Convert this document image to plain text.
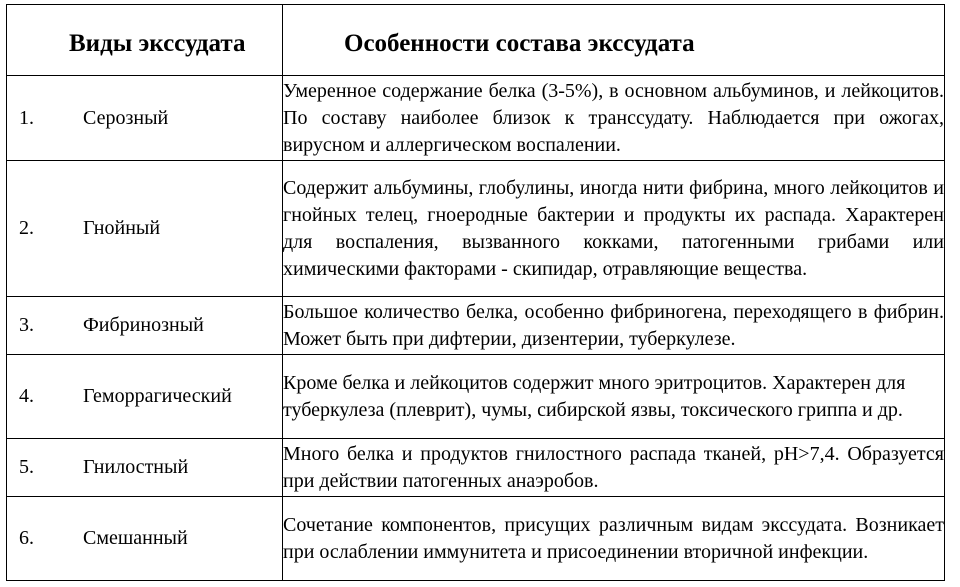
Виды экссудата	Особенности состава экссудата

1. Серозный	Умеренное содержание белка (3-5%), в основном альбуминов, и лейкоцитов. По составу наиболее близок к транссудату. Наблюдается при ожогах, вирусном и аллергическом воспалении.

2. Гнойный	Содержит альбумины, глобулины, иногда нити фибрина, много лейкоцитов и гнойных телец, гноеродные бактерии и продукты их распада. Характерен для воспаления, вызванного кокками, патогенными грибами или химическими факторами - скипидар, отравляющие вещества.

3. Фибринозный	Большое количество белка, особенно фибриногена, переходящего в фибрин. Может быть при дифтерии, дизентерии, туберкулезе.

4. Геморрагический	Кроме белка и лейкоцитов содержит много эритроцитов. Характерен для туберкулеза (плеврит), чумы, сибирской язвы, токсического гриппа и др.

5. Гнилостный	Много белка и продуктов гнилостного распада тканей, pH>7,4. Образуется при действии патогенных анаэробов.

6. Смешанный	Сочетание компонентов, присущих различным видам экссудата. Возникает при ослаблении иммунитета и присоединении вторичной инфекции.
